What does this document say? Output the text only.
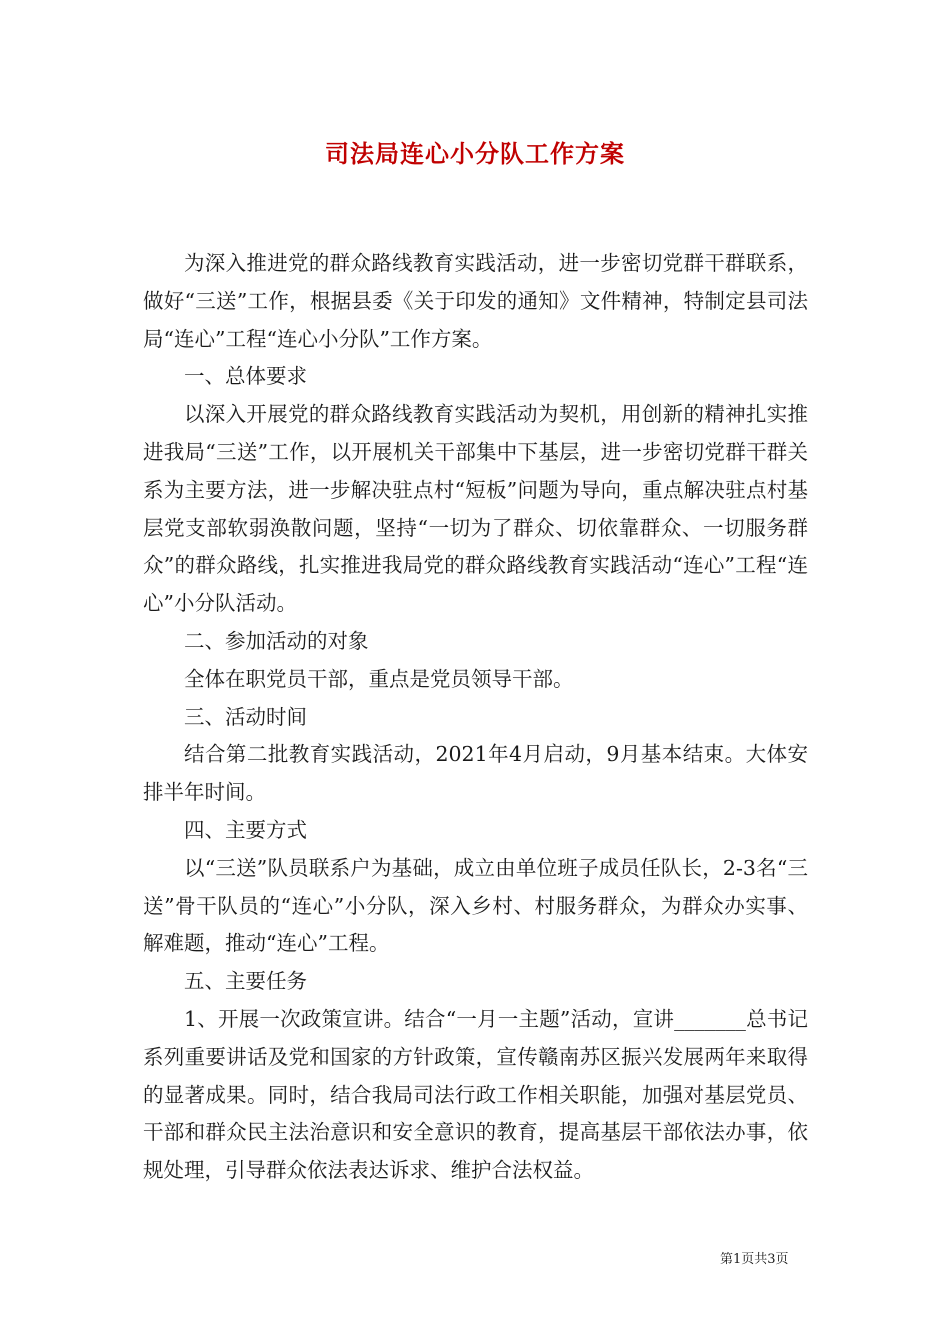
司法局连心小分队工作方案

为深入推进党的群众路线教育实践活动，进一步密切党群干群联系，做好“三送”工作，根据县委《关于印发的通知》文件精神，特制定县司法局“连心”工程“连心小分队”工作方案。

一、总体要求

以深入开展党的群众路线教育实践活动为契机，用创新的精神扎实推进我局“三送”工作，以开展机关干部集中下基层，进一步密切党群干群关系为主要方法，进一步解决驻点村“短板”问题为导向，重点解决驻点村基层党支部软弱涣散问题，坚持“一切为了群众、切依靠群众、一切服务群众”的群众路线，扎实推进我局党的群众路线教育实践活动“连心”工程“连心”小分队活动。

二、参加活动的对象

全体在职党员干部，重点是党员领导干部。

三、活动时间

结合第二批教育实践活动，2021年4月启动，9月基本结束。大体安排半年时间。

四、主要方式

以“三送”队员联系户为基础，成立由单位班子成员任队长，2-3名“三送”骨干队员的“连心”小分队，深入乡村、村服务群众，为群众办实事、解难题，推动“连心”工程。

五、主要任务

1、开展一次政策宣讲。结合“一月一主题”活动，宣讲_______总书记系列重要讲话及党和国家的方针政策，宣传赣南苏区振兴发展两年来取得的显著成果。同时，结合我局司法行政工作相关职能，加强对基层党员、干部和群众民主法治意识和安全意识的教育，提高基层干部依法办事，依规处理，引导群众依法表达诉求、维护合法权益。

第1页共3页
